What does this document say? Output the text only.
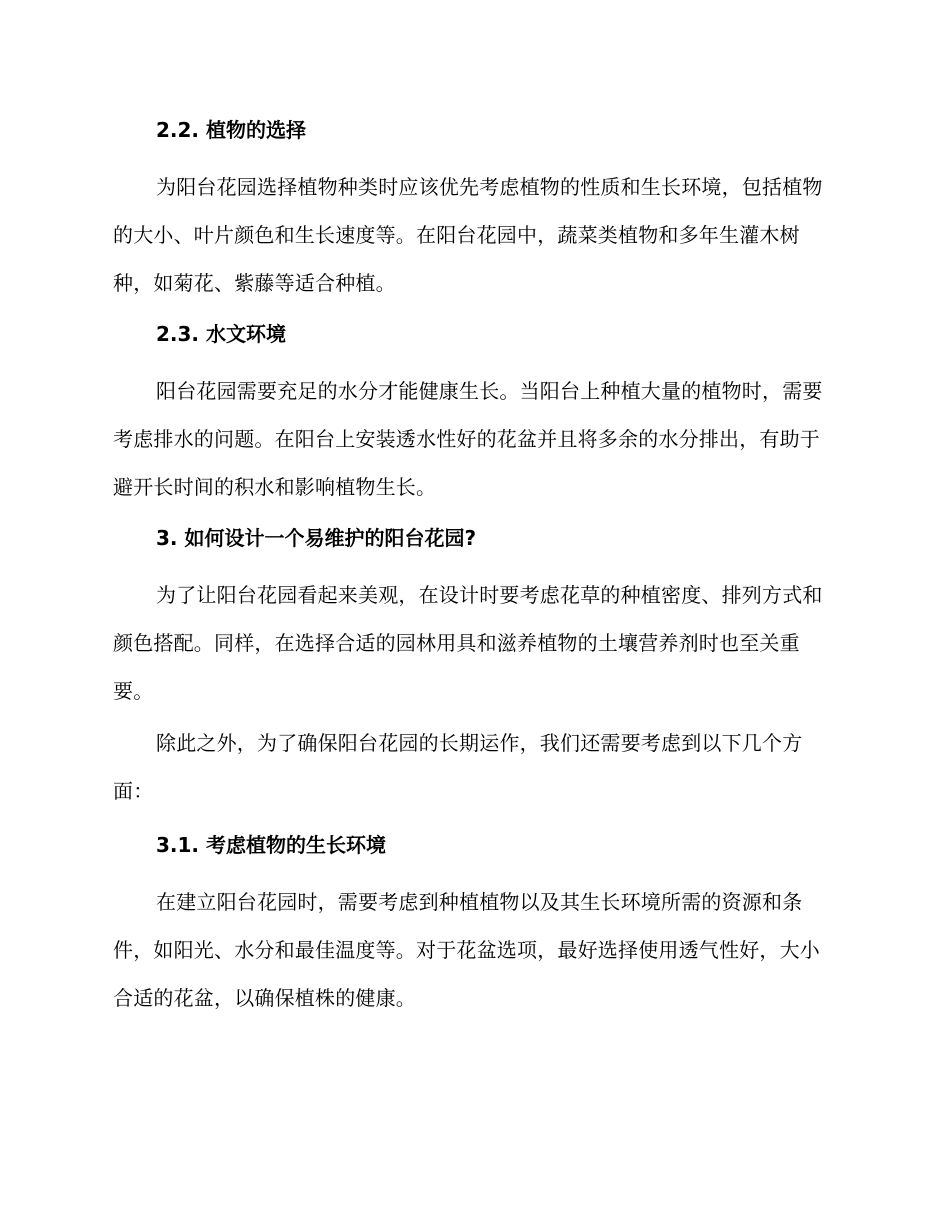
2.2. 植物的选择

为阳台花园选择植物种类时应该优先考虑植物的性质和生长环境，包括植物的大小、叶片颜色和生长速度等。在阳台花园中，蔬菜类植物和多年生灌木树种，如菊花、紫藤等适合种植。

2.3. 水文环境

阳台花园需要充足的水分才能健康生长。当阳台上种植大量的植物时，需要考虑排水的问题。在阳台上安装透水性好的花盆并且将多余的水分排出，有助于避开长时间的积水和影响植物生长。

3. 如何设计一个易维护的阳台花园?

为了让阳台花园看起来美观，在设计时要考虑花草的种植密度、排列方式和颜色搭配。同样，在选择合适的园林用具和滋养植物的土壤营养剂时也至关重要。

除此之外，为了确保阳台花园的长期运作，我们还需要考虑到以下几个方面：

3.1. 考虑植物的生长环境

在建立阳台花园时，需要考虑到种植植物以及其生长环境所需的资源和条件，如阳光、水分和最佳温度等。对于花盆选项，最好选择使用透气性好，大小合适的花盆，以确保植株的健康。
